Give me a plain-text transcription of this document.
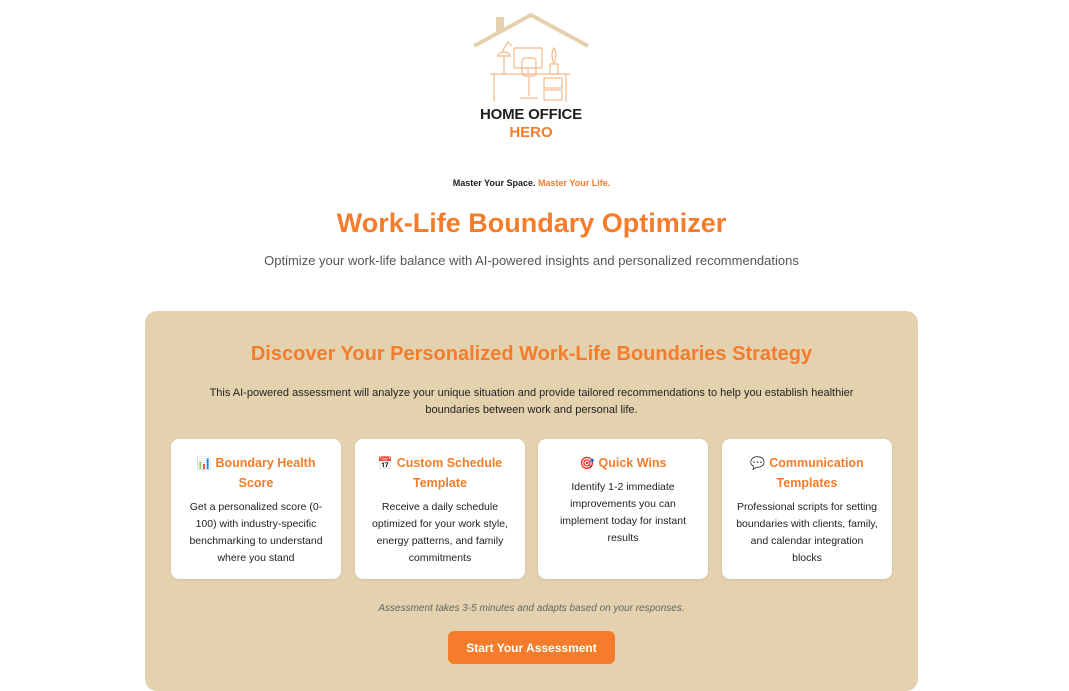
HOME OFFICE
HERO
Master Your Space. Master Your Life.
Work-Life Boundary Optimizer
Optimize your work-life balance with AI-powered insights and personalized recommendations
Discover Your Personalized Work-Life Boundaries Strategy
This AI-powered assessment will analyze your unique situation and provide tailored recommendations to help you establish healthier boundaries between work and personal life.
📊 Boundary Health Score
Get a personalized score (0-100) with industry-specific benchmarking to understand where you stand
📅 Custom Schedule Template
Receive a daily schedule optimized for your work style, energy patterns, and family commitments
🎯 Quick Wins
Identify 1-2 immediate improvements you can implement today for instant results
💬 Communication Templates
Professional scripts for setting boundaries with clients, family, and calendar integration blocks
Assessment takes 3-5 minutes and adapts based on your responses.
Start Your Assessment
